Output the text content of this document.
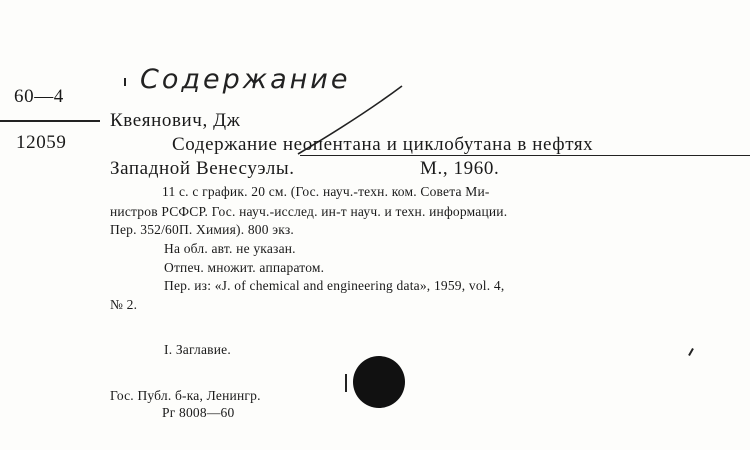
60—4
Содержание
12059
Квеянович, Дж
Содержание неопентана и циклобутана в нефтях
Западной Венесуэлы.	М., 1960.
11 с. с график. 20 см. (Гос. науч.-техн. ком. Совета Ми-
нистров РСФСР. Гос. науч.-исслед. ин-т науч. и техн. информации.
Пер. 352/60П. Химия). 800 экз.
На обл. авт. не указан.
Отпеч. множит. аппаратом.
Пер. из: «J. of chemical and engineering data», 1959, vol. 4,
№ 2.
I. Заглавие.
Гос. Публ. б-ка, Ленингр.
Рг 8008—60
